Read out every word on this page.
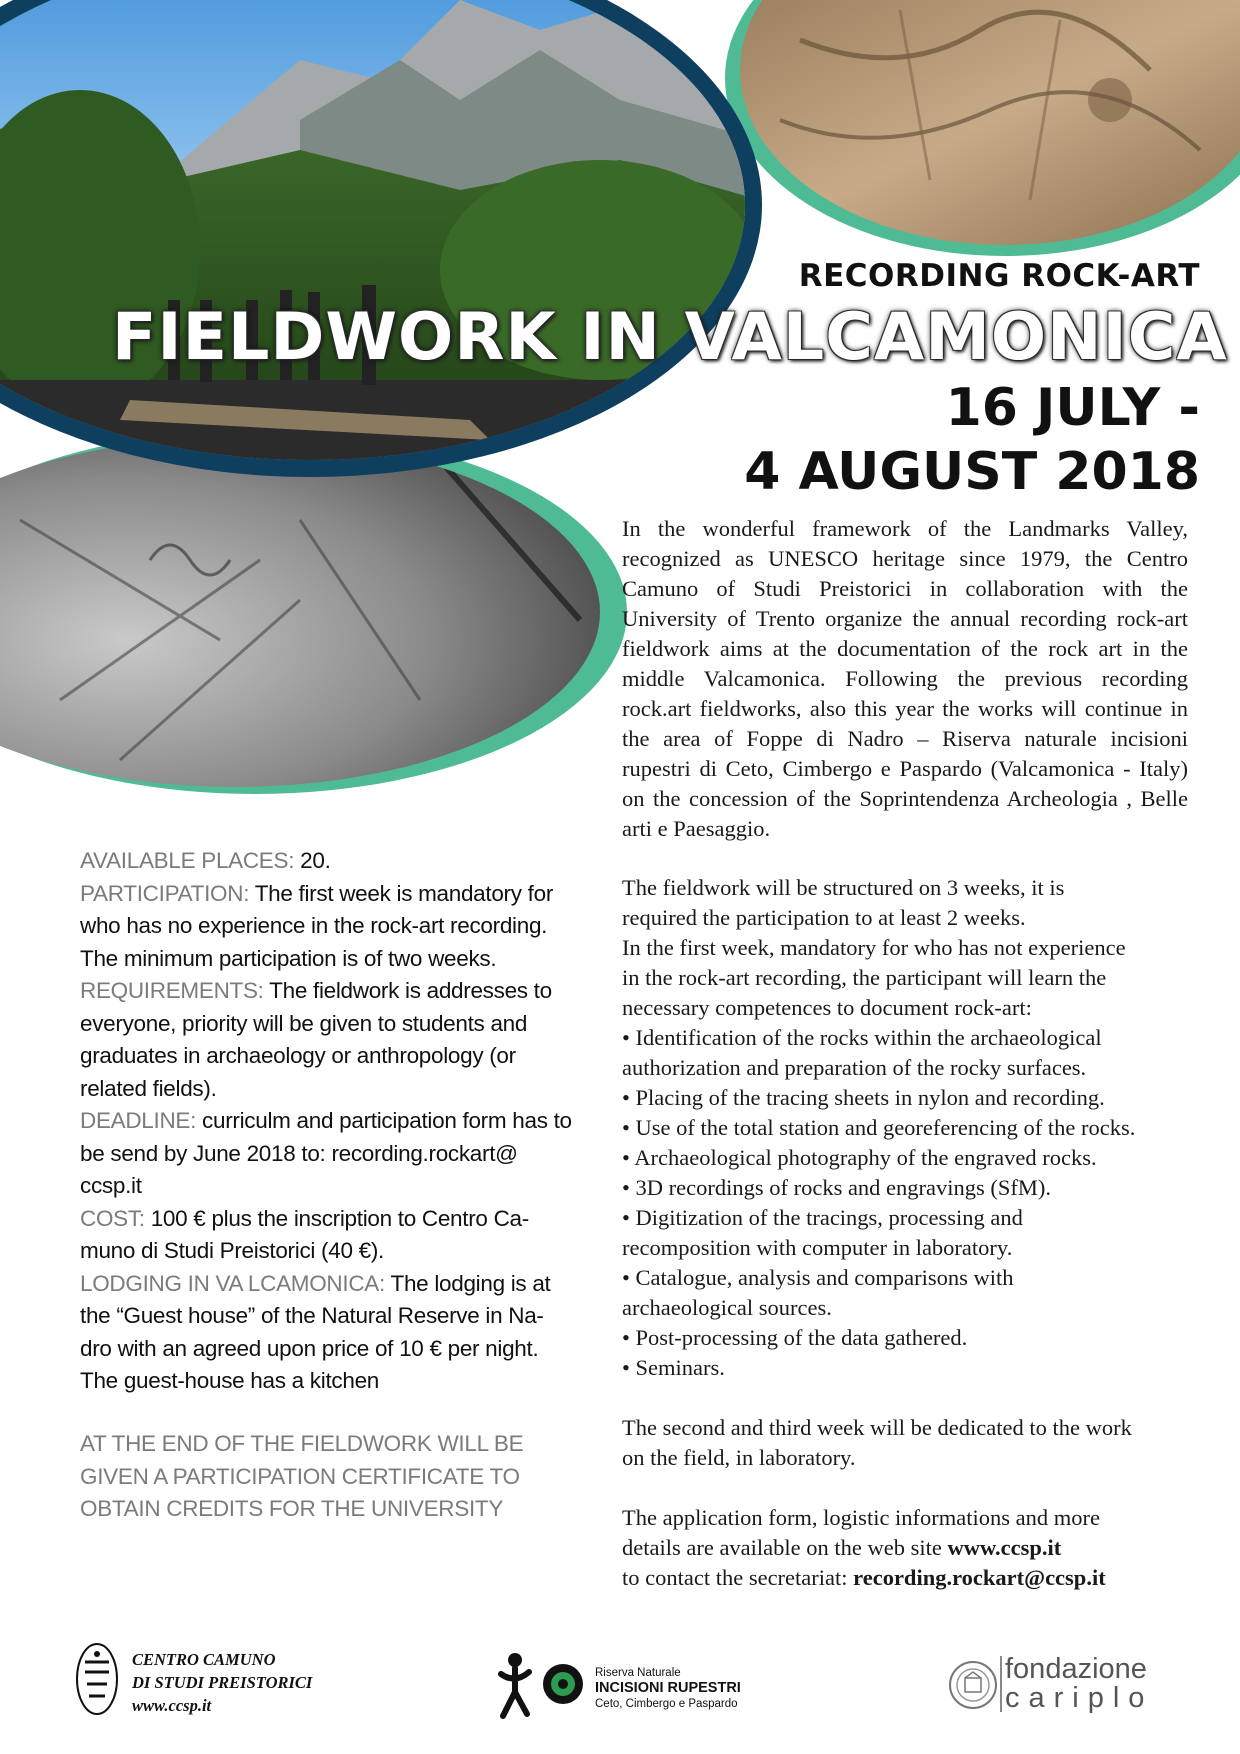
RECORDING ROCK-ART
FIELDWORK IN VALCAMONICA
16 JULY -
4 AUGUST 2018
In the wonderful framework of the Landmarks Valley, recognized as UNESCO heritage since 1979, the Centro Camuno of Studi Preistorici in collaboration with the University of Trento organize the annual recording rock-art fieldwork aims at the documentation of the rock art in the middle Valcamonica. Following the previous recording rock.art fieldworks, also this year the works will continue in the area of Foppe di Nadro – Riserva naturale incisioni rupestri di Ceto, Cimbergo e Paspardo (Valcamonica - Italy) on the concession of the Soprintendenza Archeologia , Belle arti e Paesaggio.

The fieldwork will be structured on 3 weeks, it is

required the participation to at least 2 weeks.

In the first week, mandatory for who has not experience

in the rock-art recording, the participant will learn the

necessary competences to document rock-art:

• Identification of the rocks within the archaeological

authorization and preparation of the rocky surfaces.

• Placing of the tracing sheets in nylon and recording.

• Use of the total station and georeferencing of the rocks.

• Archaeological photography of the engraved rocks.

• 3D recordings of rocks and engravings (SfM).

• Digitization of the tracings, processing and

recomposition with computer in laboratory.

• Catalogue, analysis and comparisons with

archaeological sources.

• Post-processing of the data gathered.

• Seminars.

The second and third week will be dedicated to the work

on the field, in laboratory.

The application form, logistic informations and more

details are available on the web site www.ccsp.it

to contact the secretariat: recording.rockart@ccsp.it

AVAILABLE PLACES: 20.

PARTICIPATION: The first week is mandatory for who has no experience in the rock-art recording. The minimum participation is of two weeks.

REQUIREMENTS: The fieldwork is addresses to everyone, priority will be given to students and graduates in archaeology or anthropology (or related fields).

DEADLINE: curriculm and participation form has to be send by June 2018 to: recording.rockart@ ccsp.it

COST: 100 € plus the inscription to Centro Ca-muno di Studi Preistorici (40 €).

LODGING IN VA LCAMONICA: The lodging is at the “Guest house” of the Natural Reserve in Na-dro with an agreed upon price of 10 € per night. The guest-house has a kitchen

AT THE END OF THE FIELDWORK WILL BE GIVEN A PARTICIPATION CERTIFICATE TO OBTAIN CREDITS FOR THE UNIVERSITY
CENTRO CAMUNO
DI STUDI PREISTORICI
www.ccsp.it
Riserva Naturale
INCISIONI RUPESTRI
Ceto, Cimbergo e Paspardo
fondazione
cariplo
